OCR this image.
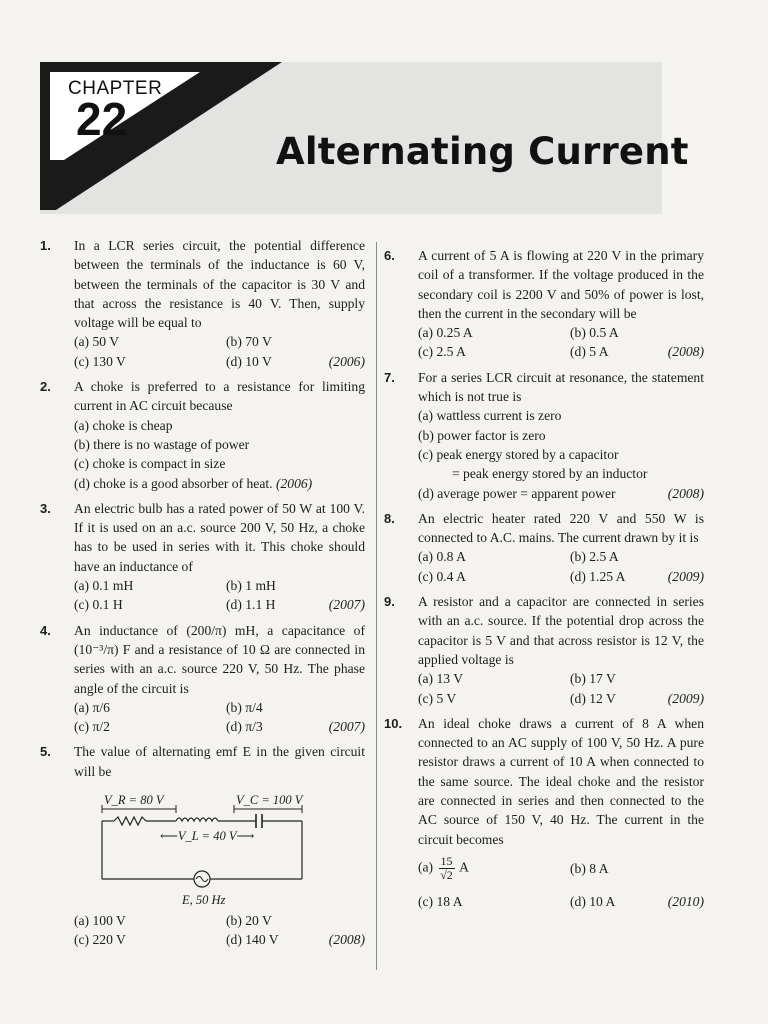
CHAPTER
22
Alternating Current
1. In a LCR series circuit, the potential difference between the terminals of the inductance is 60 V, between the terminals of the capacitor is 30 V and that across the resistance is 40 V. Then, supply voltage will be equal to
(a) 50 V	(b) 70 V
(c) 130 V	(d) 10 V	(2006)
2. A choke is preferred to a resistance for limiting current in AC circuit because
(a) choke is cheap
(b) there is no wastage of power
(c) choke is compact in size
(d) choke is a good absorber of heat. (2006)
3. An electric bulb has a rated power of 50 W at 100 V. If it is used on an a.c. source 200 V, 50 Hz, a choke has to be used in series with it. This choke should have an inductance of
(a) 0.1 mH	(b) 1 mH
(c) 0.1 H	(d) 1.1 H	(2007)
4. An inductance of (200/π) mH, a capacitance of (10⁻³/π) F and a resistance of 10 Ω are connected in series with an a.c. source 220 V, 50 Hz. The phase angle of the circuit is
(a) π/6	(b) π/4
(c) π/2	(d) π/3	(2007)
5. The value of alternating emf E in the given circuit will be
V_R = 80 V	V_C = 100 V
⟵V_L = 40 V⟶
E, 50 Hz
(a) 100 V	(b) 20 V
(c) 220 V	(d) 140 V	(2008)
6. A current of 5 A is flowing at 220 V in the primary coil of a transformer. If the voltage produced in the secondary coil is 2200 V and 50% of power is lost, then the current in the secondary will be
(a) 0.25 A	(b) 0.5 A
(c) 2.5 A	(d) 5 A	(2008)
7. For a series LCR circuit at resonance, the statement which is not true is
(a) wattless current is zero
(b) power factor is zero
(c) peak energy stored by a capacitor
= peak energy stored by an inductor
(d) average power = apparent power	(2008)
8. An electric heater rated 220 V and 550 W is connected to A.C. mains. The current drawn by it is
(a) 0.8 A	(b) 2.5 A
(c) 0.4 A	(d) 1.25 A	(2009)
9. A resistor and a capacitor are connected in series with an a.c. source. If the potential drop across the capacitor is 5 V and that across resistor is 12 V, the applied voltage is
(a) 13 V	(b) 17 V
(c) 5 V	(d) 12 V	(2009)
10. An ideal choke draws a current of 8 A when connected to an AC supply of 100 V, 50 Hz. A pure resistor draws a current of 10 A when connected to the same source. The ideal choke and the resistor are connected in series and then connected to the AC source of 150 V, 40 Hz. The current in the circuit becomes
$(a) \frac{15}{√2}$ A	(b) 8 A
(c) 18 A	(d) 10 A	(2010)
